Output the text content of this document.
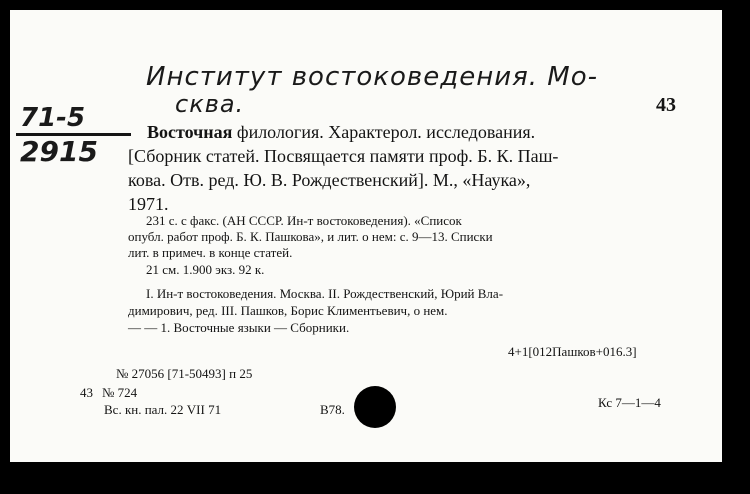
Институт востоковедения. Мо-
сква.
71-5
2915
43
Восточная филология. Характерол. исследования.
[Сборник статей. Посвящается памяти проф. Б. К. Паш-
кова. Отв. ред. Ю. В. Рождественский]. М., «Наука»,
1971.
231 с. с факс. (АН СССР. Ин-т востоковедения). «Список
опубл. работ проф. Б. К. Пашкова», и лит. о нем: с. 9—13. Списки
лит. в примеч. в конце статей.
21 см. 1.900 экз. 92 к.
I. Ин-т востоковедения. Москва. II. Рождественский, Юрий Вла-
димирович, ред. III. Пашков, Борис Климентьевич, о нем.
— — 1. Восточные языки — Сборники.
4+1[012Пашков+016.3]
№ 27056 [71-50493] п 25
43 № 724
Вс. кн. пал. 22 VII 71	В78.	Кс 7—1—4
